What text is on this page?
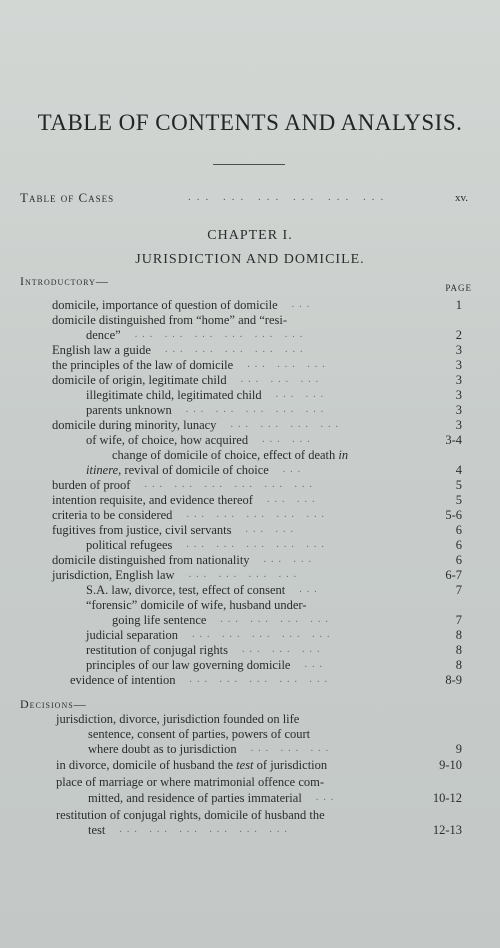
TABLE OF CONTENTS AND ANALYSIS.
Table of Cases	... ... ... ... ... ...	xv.
CHAPTER I.
JURISDICTION AND DOMICILE.
Introductory—	PAGE
domicile, importance of question of domicile ...	1
domicile distinguished from “home” and “resi-
dence” ... ... ... ... ... ...	2
English law a guide ... ... ... ... ...	3
the principles of the law of domicile ... ... ...	3
domicile of origin, legitimate child ... ... ...	3
illegitimate child, legitimated child ... ...	3
parents unknown ... ... ... ... ...	3
domicile during minority, lunacy ... ... ... ...	3
of wife, of choice, how acquired ... ...	3-4
change of domicile of choice, effect of death in
itinere, revival of domicile of choice ...	4
burden of proof ... ... ... ... ... ...	5
intention requisite, and evidence thereof ... ...	5
criteria to be considered ... ... ... ... ...	5-6
fugitives from justice, civil servants ... ...	6
political refugees ... ... ... ... ...	6
domicile distinguished from nationality ... ...	6
jurisdiction, English law ... ... ... ...	6-7
S.A. law, divorce, test, effect of consent ...	7
“forensic” domicile of wife, husband under-
going life sentence ... ... ... ...	7
judicial separation ... ... ... ... ...	8
restitution of conjugal rights ... ... ...	8
principles of our law governing domicile ...	8
evidence of intention ... ... ... ... ...	8-9
Decisions—
jurisdiction, divorce, jurisdiction founded on life
sentence, consent of parties, powers of court
where doubt as to jurisdiction ... ... ...	9
in divorce, domicile of husband the test of jurisdiction	9-10
place of marriage or where matrimonial offence com-
mitted, and residence of parties immaterial ...	10-12
restitution of conjugal rights, domicile of husband the
test ... ... ... ... ... ...	12-13
